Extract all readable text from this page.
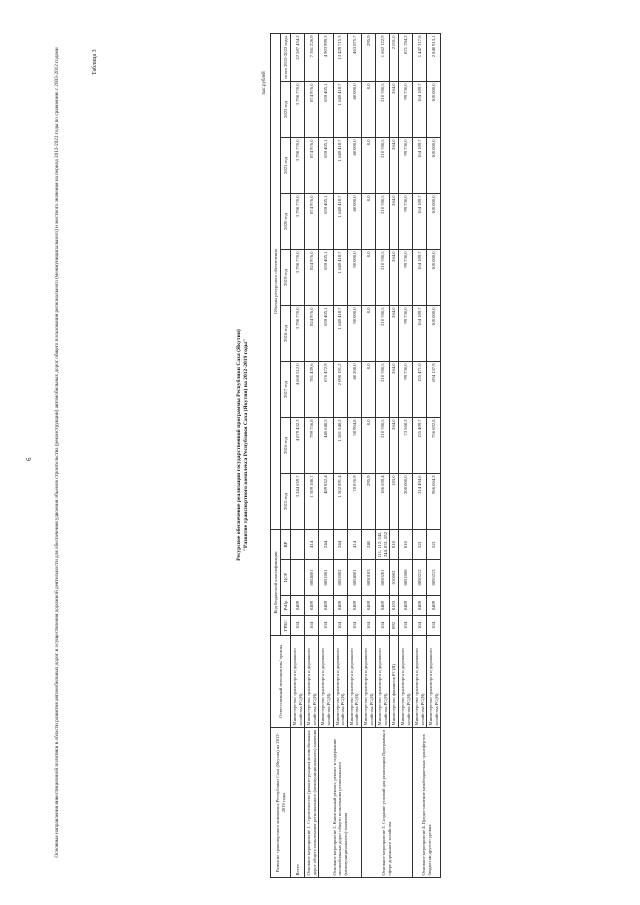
6	Основные направления инвестиционной политики в области развития автомобильных дорог и осуществления дорожной деятельности для обеспечения удвоения объемов строительства (реконструкции) автомобильных дорог общего пользования регионального (межмуниципального) и местного значения на период 2013-2022 годы по сравнению с 2003-2012 годами	Таблица 3
Ресурсное обеспечение реализации государственной программы Республики Саха (Якутия) "Развитие транспортного комплекса Республики Саха (Якутия) на 2012-2019 годы"
тыс.рублей
Развитие транспортного комплекса Республики Саха (Якутия) на 2012-2019 годы	Ответственный исполнитель/ органы	Код бюджетной классификации				Объемы ресурсного обеспечения								
		ГРБС	РзПр	ЦСР	ВР	2015 год	2016 год	2017 год	2018 год	2019 год	2020 год	2021 год	2022 год	итого 2015-2022 годы

Всего	Министерство транспорта и дорожного хозяйства РС(Я)	104	0409			3 244 659,7	4 079 432,3	4 668 512,0	3 798 770,0	3 798 770,0	3 798 770,0	3 798 770,0	3 798 770,0	22 587 454,2
Основное мероприятие 1. Строительство (реконструкция) автомобильных дорог общего пользования регионального (межмуниципального) значения	Министерство транспорта и дорожного хозяйства РС(Я)	104	0409	8854001	414	1 509 186,7	799 756,8	781 439,6	824 976,0	824 976,0	874 976,0	874 976,0	874 976,0	7 361 226,9
Основное мероприятие 2. Капитальный ремонт, ремонт и содержание автомобильных дорог общего пользования регионального (межмуниципального) значения	Министерство транспорта и дорожного хозяйства РС(Я)	104	0409	8851001	244	489 852,4	440 648,5	676 472,9	659 405,1	659 405,1	659 405,1	659 405,1	659 405,1	4 903 999,3
	Министерство транспорта и дорожного хозяйства РС(Я)	104	0409	8852002	244	1 502 891,4	1 581 548,2	2 098 191,2	1 649 418,7	1 649 418,7	1 649 418,7	1 649 418,7	1 649 418,7	13 429 715,3
	Министерство транспорта и дорожного хозяйства РС(Я)	104	0409	8854001	414	78 876,9	58 904,8	40 200,0	90 000,0	90 000,0	40 000,0	40 000,0	40 000,0	463 875,7
Основное мероприятие 3. Создание условий для реализации Программы в сфере дорожного хозяйства	Министерство транспорта и дорожного хозяйства РС(Я)	104	0409	8850103	240	295,9	0,0	0,0	0,0	0,0	0,0	0,0	0,0	295,9
	Министерство транспорта и дорожного хозяйства РС(Я)	104	0409	8850201	111, 112, 242, 244, 831, 852	186 659,4	210 780,5	210 780,5	210 780,5	210 780,5	210 780,5	210 780,5	210 780,5	1 662 122,9
	Министерство финансов РС(Я)	092	0103	010602	810	183,0	264,0	264,0	264,0	264,0	264,0	264,0	264,0	2 031,0
	Министерство транспорта и дорожного хозяйства РС(Я)	104	0409	8851008	810	200 000,0	73 568,2	99 736,0	99 736,0	99 736,0	99 736,0	99 736,0	99 736,0	871 784,2
Основное мероприятие 4. Предоставление межбюджетных трансфертов бюджетам другого уровня	Министерство транспорта и дорожного хозяйства РС(Я)	104	0409	8850212	521	314 494,6	155 409,7	155 471,0	164 189,7	164 189,7	164 189,7	164 189,7	164 189,7	1 447 317,8
	Министерство транспорта и дорожного хозяйства РС(Я)	104	0409	8855213	521	966 064,3	756 692,8	694 137,9	100 000,0	100 000,0	100 000,0	100 000,0	100 000,0	2 840 913,1
